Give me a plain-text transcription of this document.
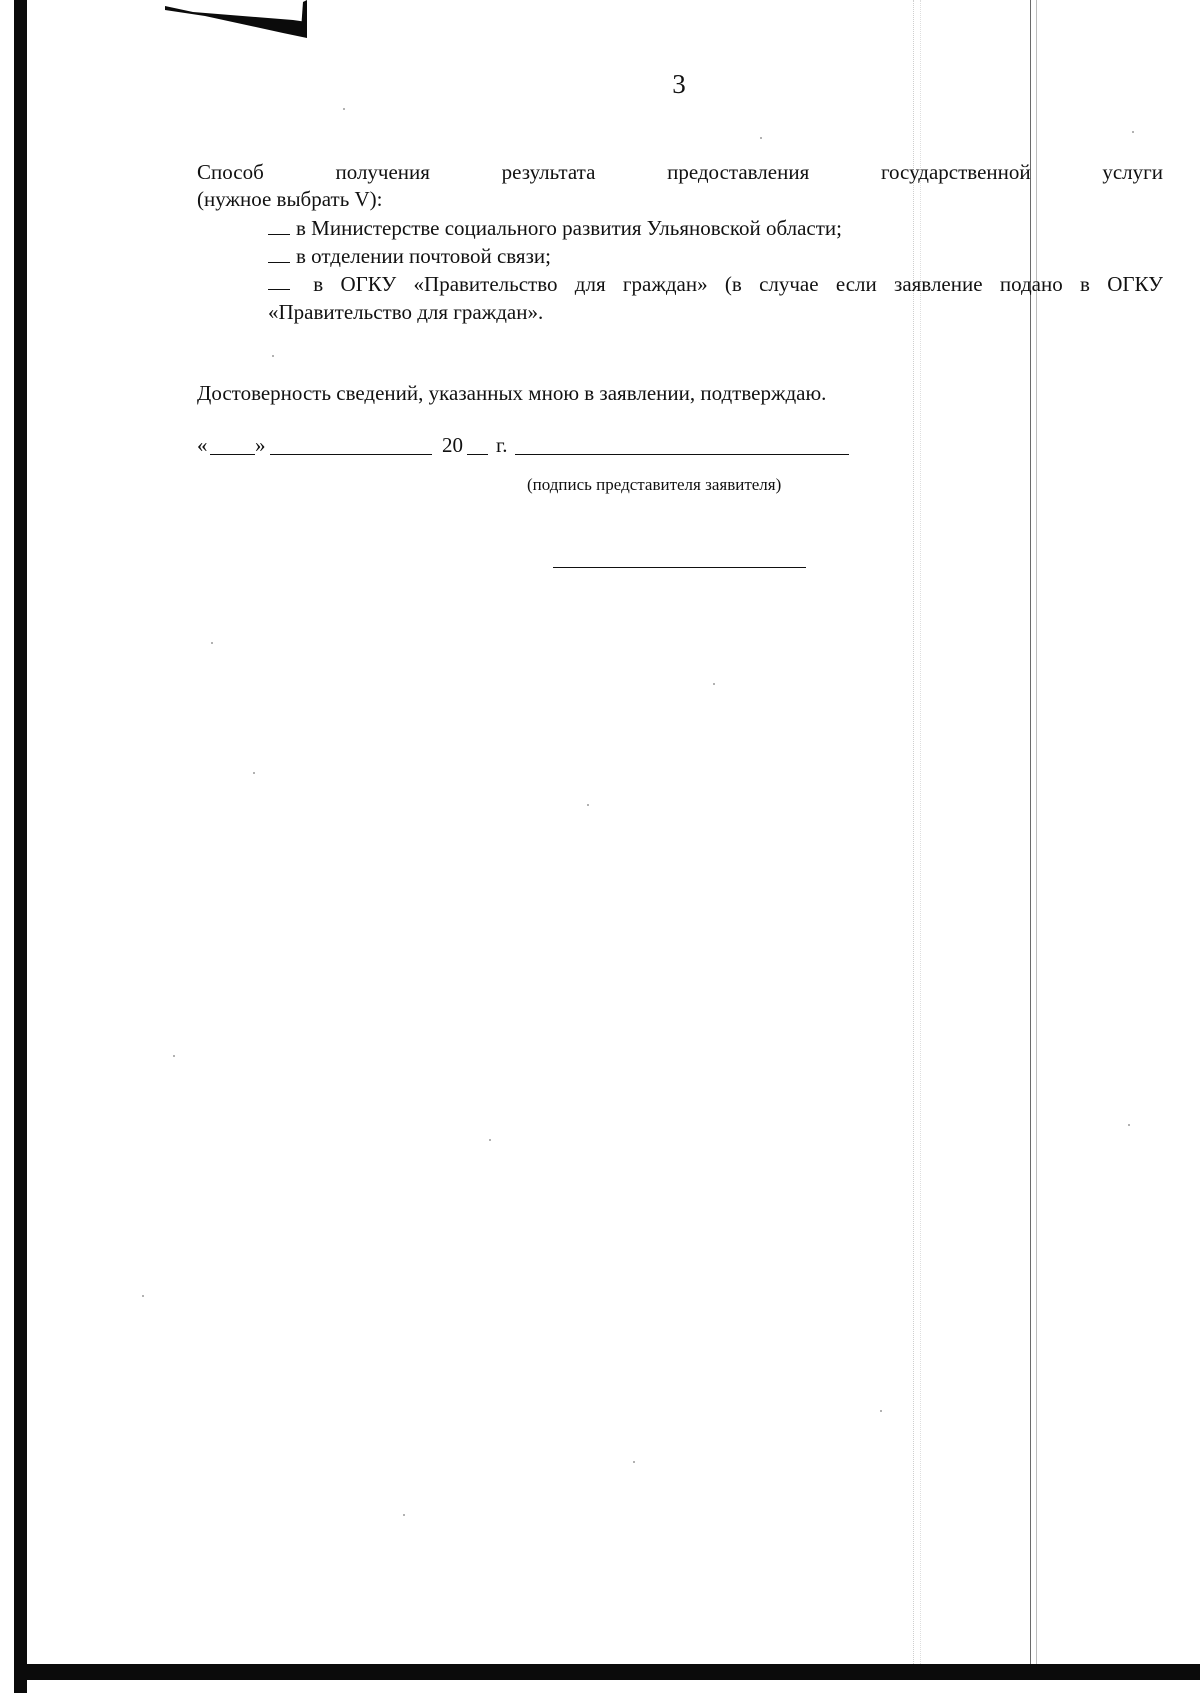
3
Способ	получения	результата	предоставления	государственной	услуги
(нужное выбрать V):
в Министерстве социального развития Ульяновской области;
в отделении почтовой связи;
в ОГКУ «Правительство для граждан» (в случае если заявление подано в ОГКУ
«Правительство для граждан».
Достоверность сведений, указанных мною в заявлении, подтверждаю.
« »	20 г.
(подпись представителя заявителя)
